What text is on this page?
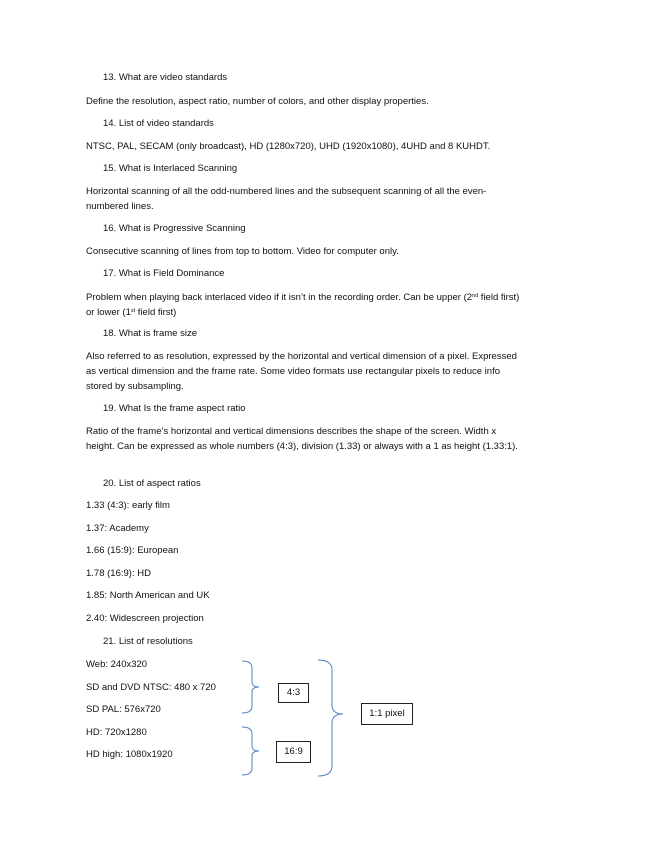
13. What are video standards
Define the resolution, aspect ratio, number of colors, and other display properties.
14. List of video standards
NTSC, PAL, SECAM (only broadcast), HD (1280x720), UHD (1920x1080), 4UHD and 8 KUHDT.
15. What is Interlaced Scanning
Horizontal scanning of all the odd-numbered lines and the subsequent scanning of all the even-numbered lines.
16. What is Progressive Scanning
Consecutive scanning of lines from top to bottom. Video for computer only.
17. What is Field Dominance
Problem when playing back interlaced video if it isn’t in the recording order. Can be upper (2nd field first) or lower (1st field first)
18. What is frame size
Also referred to as resolution, expressed by the horizontal and vertical dimension of a pixel. Expressed as vertical dimension and the frame rate. Some video formats use rectangular pixels to reduce info stored by subsampling.
19. What Is the frame aspect ratio
Ratio of the frame’s horizontal and vertical dimensions describes the shape of the screen. Width x height. Can be expressed as whole numbers (4:3), division (1.33) or always with a 1 as height (1.33:1).
20. List of aspect ratios
1.33 (4:3): early film
1.37: Academy
1.66 (15:9): European
1.78 (16:9): HD
1.85: North American and UK
2.40: Widescreen projection
21. List of resolutions
Web: 240x320
SD and DVD NTSC: 480 x 720
SD PAL: 576x720
HD: 720x1280
HD high: 1080x1920
4:3
16:9
1:1 pixel
